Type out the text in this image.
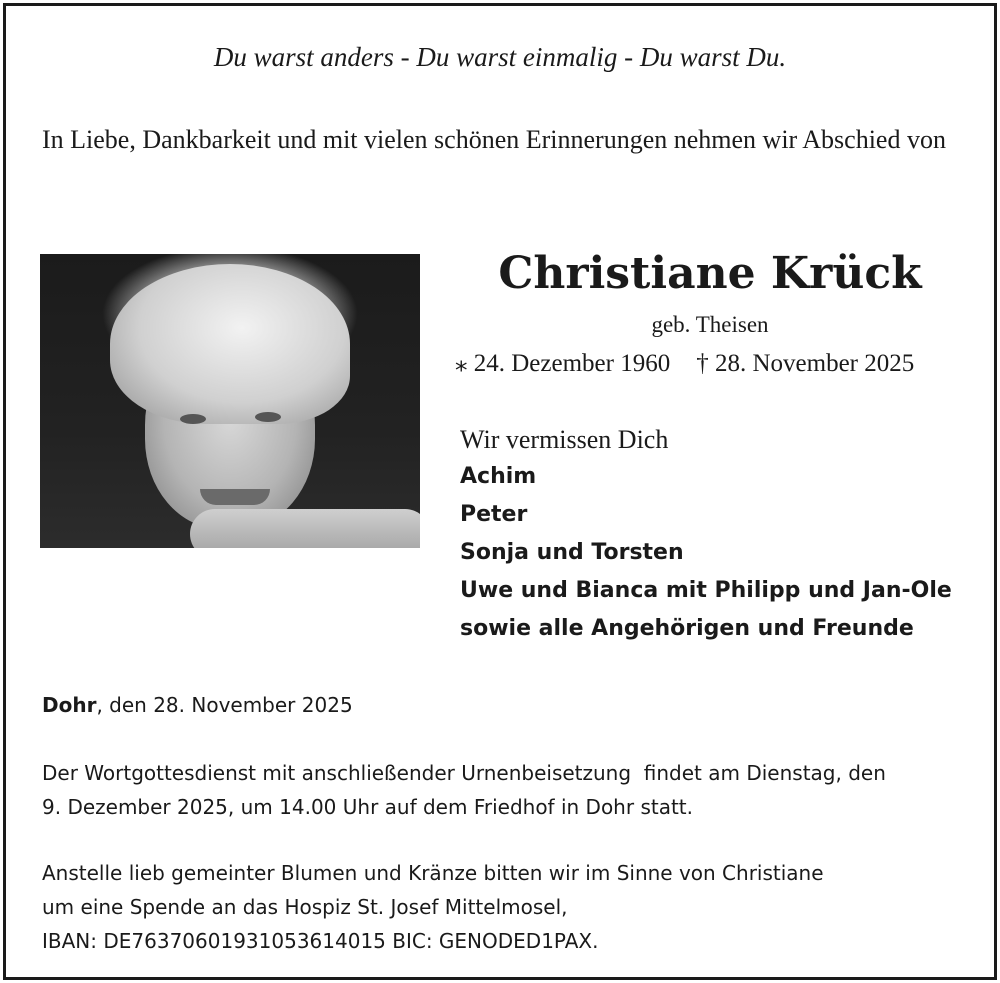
Du warst anders - Du warst einmalig - Du warst Du.
In Liebe, Dankbarkeit und mit vielen schönen Erinnerungen nehmen wir Abschied von
Christiane Krück
geb. Theisen
⁎ 24. Dezember 1960 † 28. November 2025
Wir vermissen Dich
Achim
Peter
Sonja und Torsten
Uwe und Bianca mit Philipp und Jan-Ole
sowie alle Angehörigen und Freunde
Dohr, den 28. November 2025
Der Wortgottesdienst mit anschließender Urnenbeisetzung  findet am Dienstag, den
9. Dezember 2025, um 14.00 Uhr auf dem Friedhof in Dohr statt.
Anstelle lieb gemeinter Blumen und Kränze bitten wir im Sinne von Christiane
um eine Spende an das Hospiz St. Josef Mittelmosel,
IBAN: DE76370601931053614015 BIC: GENODED1PAX.
